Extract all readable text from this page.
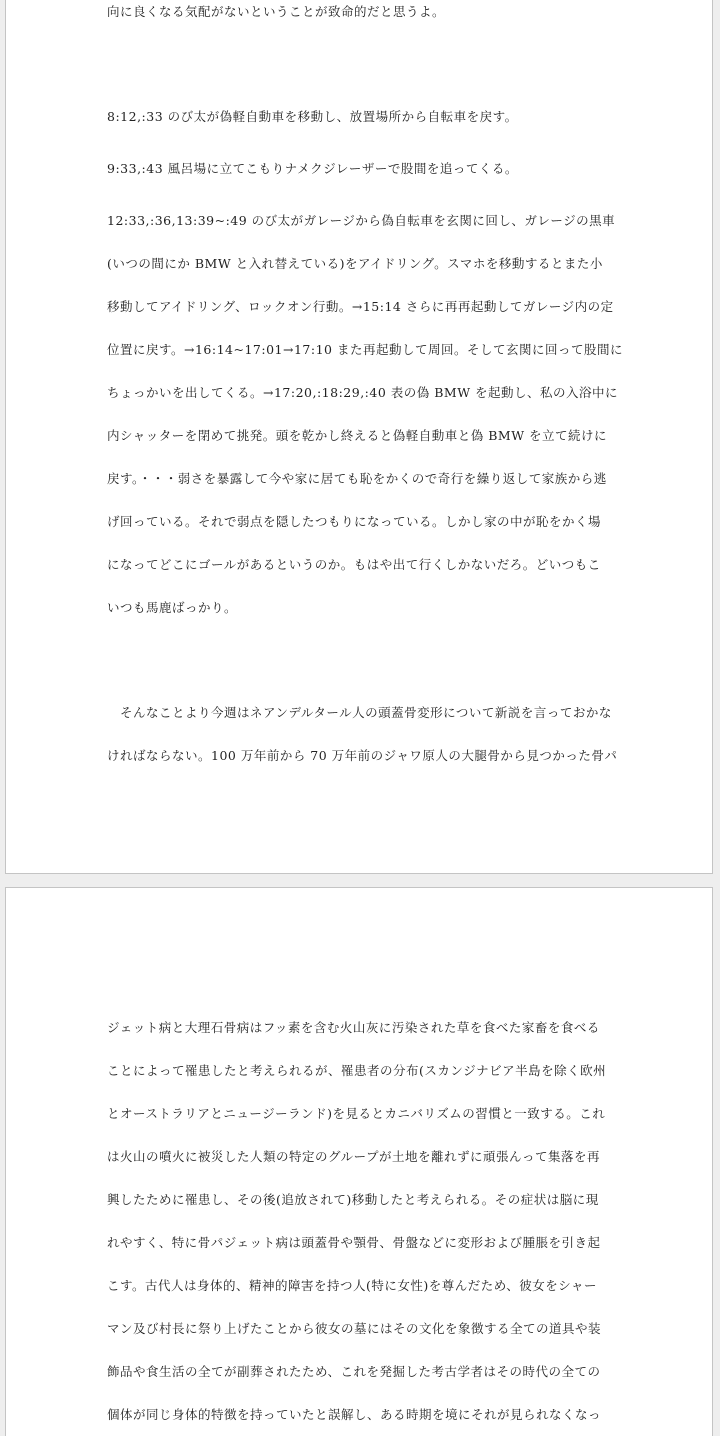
向に良くなる気配がないということが致命的だと思うよ。

8:12,:33 のび太が偽軽自動車を移動し、放置場所から自転車を戻す。

9:33,:43 風呂場に立てこもりナメクジレーザーで股間を追ってくる。

12:33,:36,13:39~:49 のび太がガレージから偽自転車を玄関に回し、ガレージの黒車

(いつの間にか BMW と入れ替えている)をアイドリング。スマホを移動するとまた小

移動してアイドリング、ロックオン行動。→15:14 さらに再再起動してガレージ内の定

位置に戻す。→16:14~17:01→17:10 また再起動して周回。そして玄関に回って股間に

ちょっかいを出してくる。→17:20,:18:29,:40 表の偽 BMW を起動し、私の入浴中に

内シャッターを閉めて挑発。頭を乾かし終えると偽軽自動車と偽 BMW を立て続けに

戻す。・・・弱さを暴露して今や家に居ても恥をかくので奇行を繰り返して家族から逃

げ回っている。それで弱点を隠したつもりになっている。しかし家の中が恥をかく場

になってどこにゴールがあるというのか。もはや出て行くしかないだろ。どいつもこ

いつも馬鹿ばっかり。

　そんなことより今週はネアンデルタール人の頭蓋骨変形について新説を言っておかな

ければならない。100 万年前から 70 万年前のジャワ原人の大腿骨から見つかった骨パ

ジェット病と大理石骨病はフッ素を含む火山灰に汚染された草を食べた家畜を食べる

ことによって罹患したと考えられるが、罹患者の分布(スカンジナビア半島を除く欧州

とオーストラリアとニュージーランド)を見るとカニバリズムの習慣と一致する。これ

は火山の噴火に被災した人類の特定のグループが土地を離れずに頑張んって集落を再

興したために罹患し、その後(追放されて)移動したと考えられる。その症状は脳に現

れやすく、特に骨パジェット病は頭蓋骨や顎骨、骨盤などに変形および腫脹を引き起

こす。古代人は身体的、精神的障害を持つ人(特に女性)を尊んだため、彼女をシャー

マン及び村長に祭り上げたことから彼女の墓にはその文化を象徴する全ての道具や装

飾品や食生活の全てが副葬されたため、これを発掘した考古学者はその時代の全ての

個体が同じ身体的特徴を持っていたと誤解し、ある時期を境にそれが見られなくなっ
